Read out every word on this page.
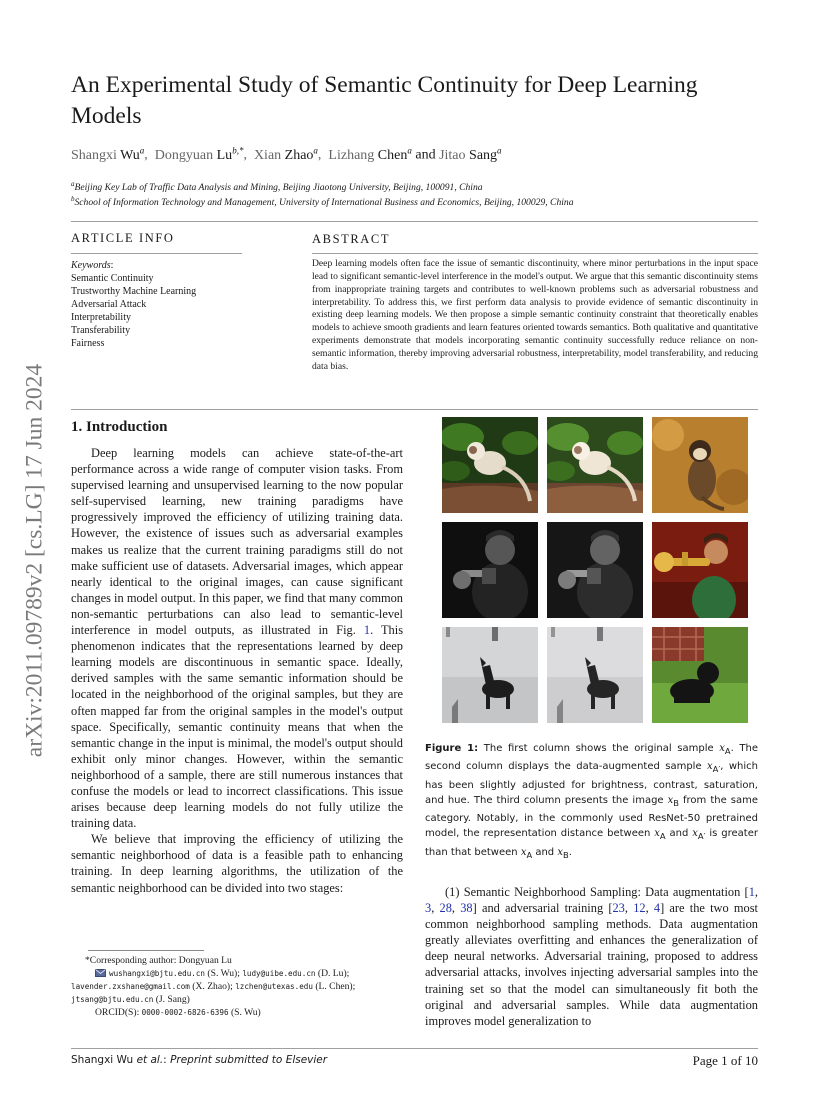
arXiv:2011.09789v2 [cs.LG] 17 Jun 2024
An Experimental Study of Semantic Continuity for Deep Learning Models
Shangxi Wu$^a$,  Dongyuan $Lu^{b,*}$,  Xian Zhao$^a$,  Lizhang Chen$^a$ and Jitao Sang$^a$
$^a$Beijing Key Lab of Traffic Data Analysis and Mining, Beijing Jiaotong University, Beijing, 100091, China
$^b$School of Information Technology and Management, University of International Business and Economics, Beijing, 100029, China
ARTICLE INFO
Keywords:
Semantic Continuity
Trustworthy Machine Learning
Adversarial Attack
Interpretability
Transferability
Fairness
ABSTRACT
Deep learning models often face the issue of semantic discontinuity, where minor perturbations in the input space lead to significant semantic-level interference in the model's output. We argue that this semantic discontinuity stems from inappropriate training targets and contributes to well-known problems such as adversarial robustness and interpretability. To address this, we first perform data analysis to provide evidence of semantic discontinuity in existing deep learning models. We then propose a simple semantic continuity constraint that theoretically enables models to achieve smooth gradients and learn features oriented towards semantics. Both qualitative and quantitative experiments demonstrate that models incorporating semantic continuity successfully reduce reliance on non-semantic information, thereby improving adversarial robustness, interpretability, model transferability, and reducing data bias.
1. Introduction

Deep learning models can achieve state-of-the-art performance across a wide range of computer vision tasks. From supervised learning and unsupervised learning to the now popular self-supervised learning, new training paradigms have progressively improved the efficiency of utilizing training data. However, the existence of issues such as adversarial examples makes us realize that the current training paradigms still do not make sufficient use of datasets. Adversarial images, which appear nearly identical to the original images, can cause significant changes in model output. In this paper, we find that many common non-semantic perturbations can also lead to semantic-level interference in model outputs, as illustrated in Fig. 1. This phenomenon indicates that the representations learned by deep learning models are discontinuous in semantic space. Ideally, derived samples with the same semantic information should be located in the neighborhood of the original samples, but they are often mapped far from the original samples in the model's output space. Specifically, semantic continuity means that when the semantic change in the input is minimal, the model's output should exhibit only minor changes. However, within the semantic neighborhood of a sample, there are still numerous instances that confuse the models or lead to incorrect classifications. This issue arises because deep learning models do not fully utilize the training data.

We believe that improving the efficiency of utilizing the semantic neighborhood of data is a feasible path to enhancing training. In deep learning algorithms, the utilization of the semantic neighborhood can be divided into two stages:

Figure 1: The first column shows the original sample $x_A$. The second column displays the data-augmented sample $x_{A'}$, which has been slightly adjusted for brightness, contrast, saturation, and hue. The third column presents the image $x_B$ from the same category. Notably, in the commonly used ResNet-50 pretrained model, the representation distance between $x_A$ and $x_{A'}$ is greater than that between $x_A$ and $x_B$.

(1) Semantic Neighborhood Sampling: Data augmentation [1, 3, 28, 38] and adversarial training [23, 12, 4] are the two most common neighborhood sampling methods. Data augmentation greatly alleviates overfitting and enhances the generalization of deep neural networks. Adversarial training, proposed to address adversarial attacks, involves injecting adversarial samples into the training set so that the model can simultaneously fit both the original and adversarial samples. While data augmentation improves model generalization to

*Corresponding author: Dongyuan Lu
wushangxi@bjtu.edu.cn (S. Wu); ludy@uibe.edu.cn (D. Lu);
lavender.zxshane@gmail.com (X. Zhao); lzchen@utexas.edu (L. Chen);
jtsang@bjtu.edu.cn (J. Sang)
ORCID(S): 0000-0002-6826-6396 (S. Wu)
Shangxi Wu et al.: Preprint submitted to Elsevier	Page 1 of 10
